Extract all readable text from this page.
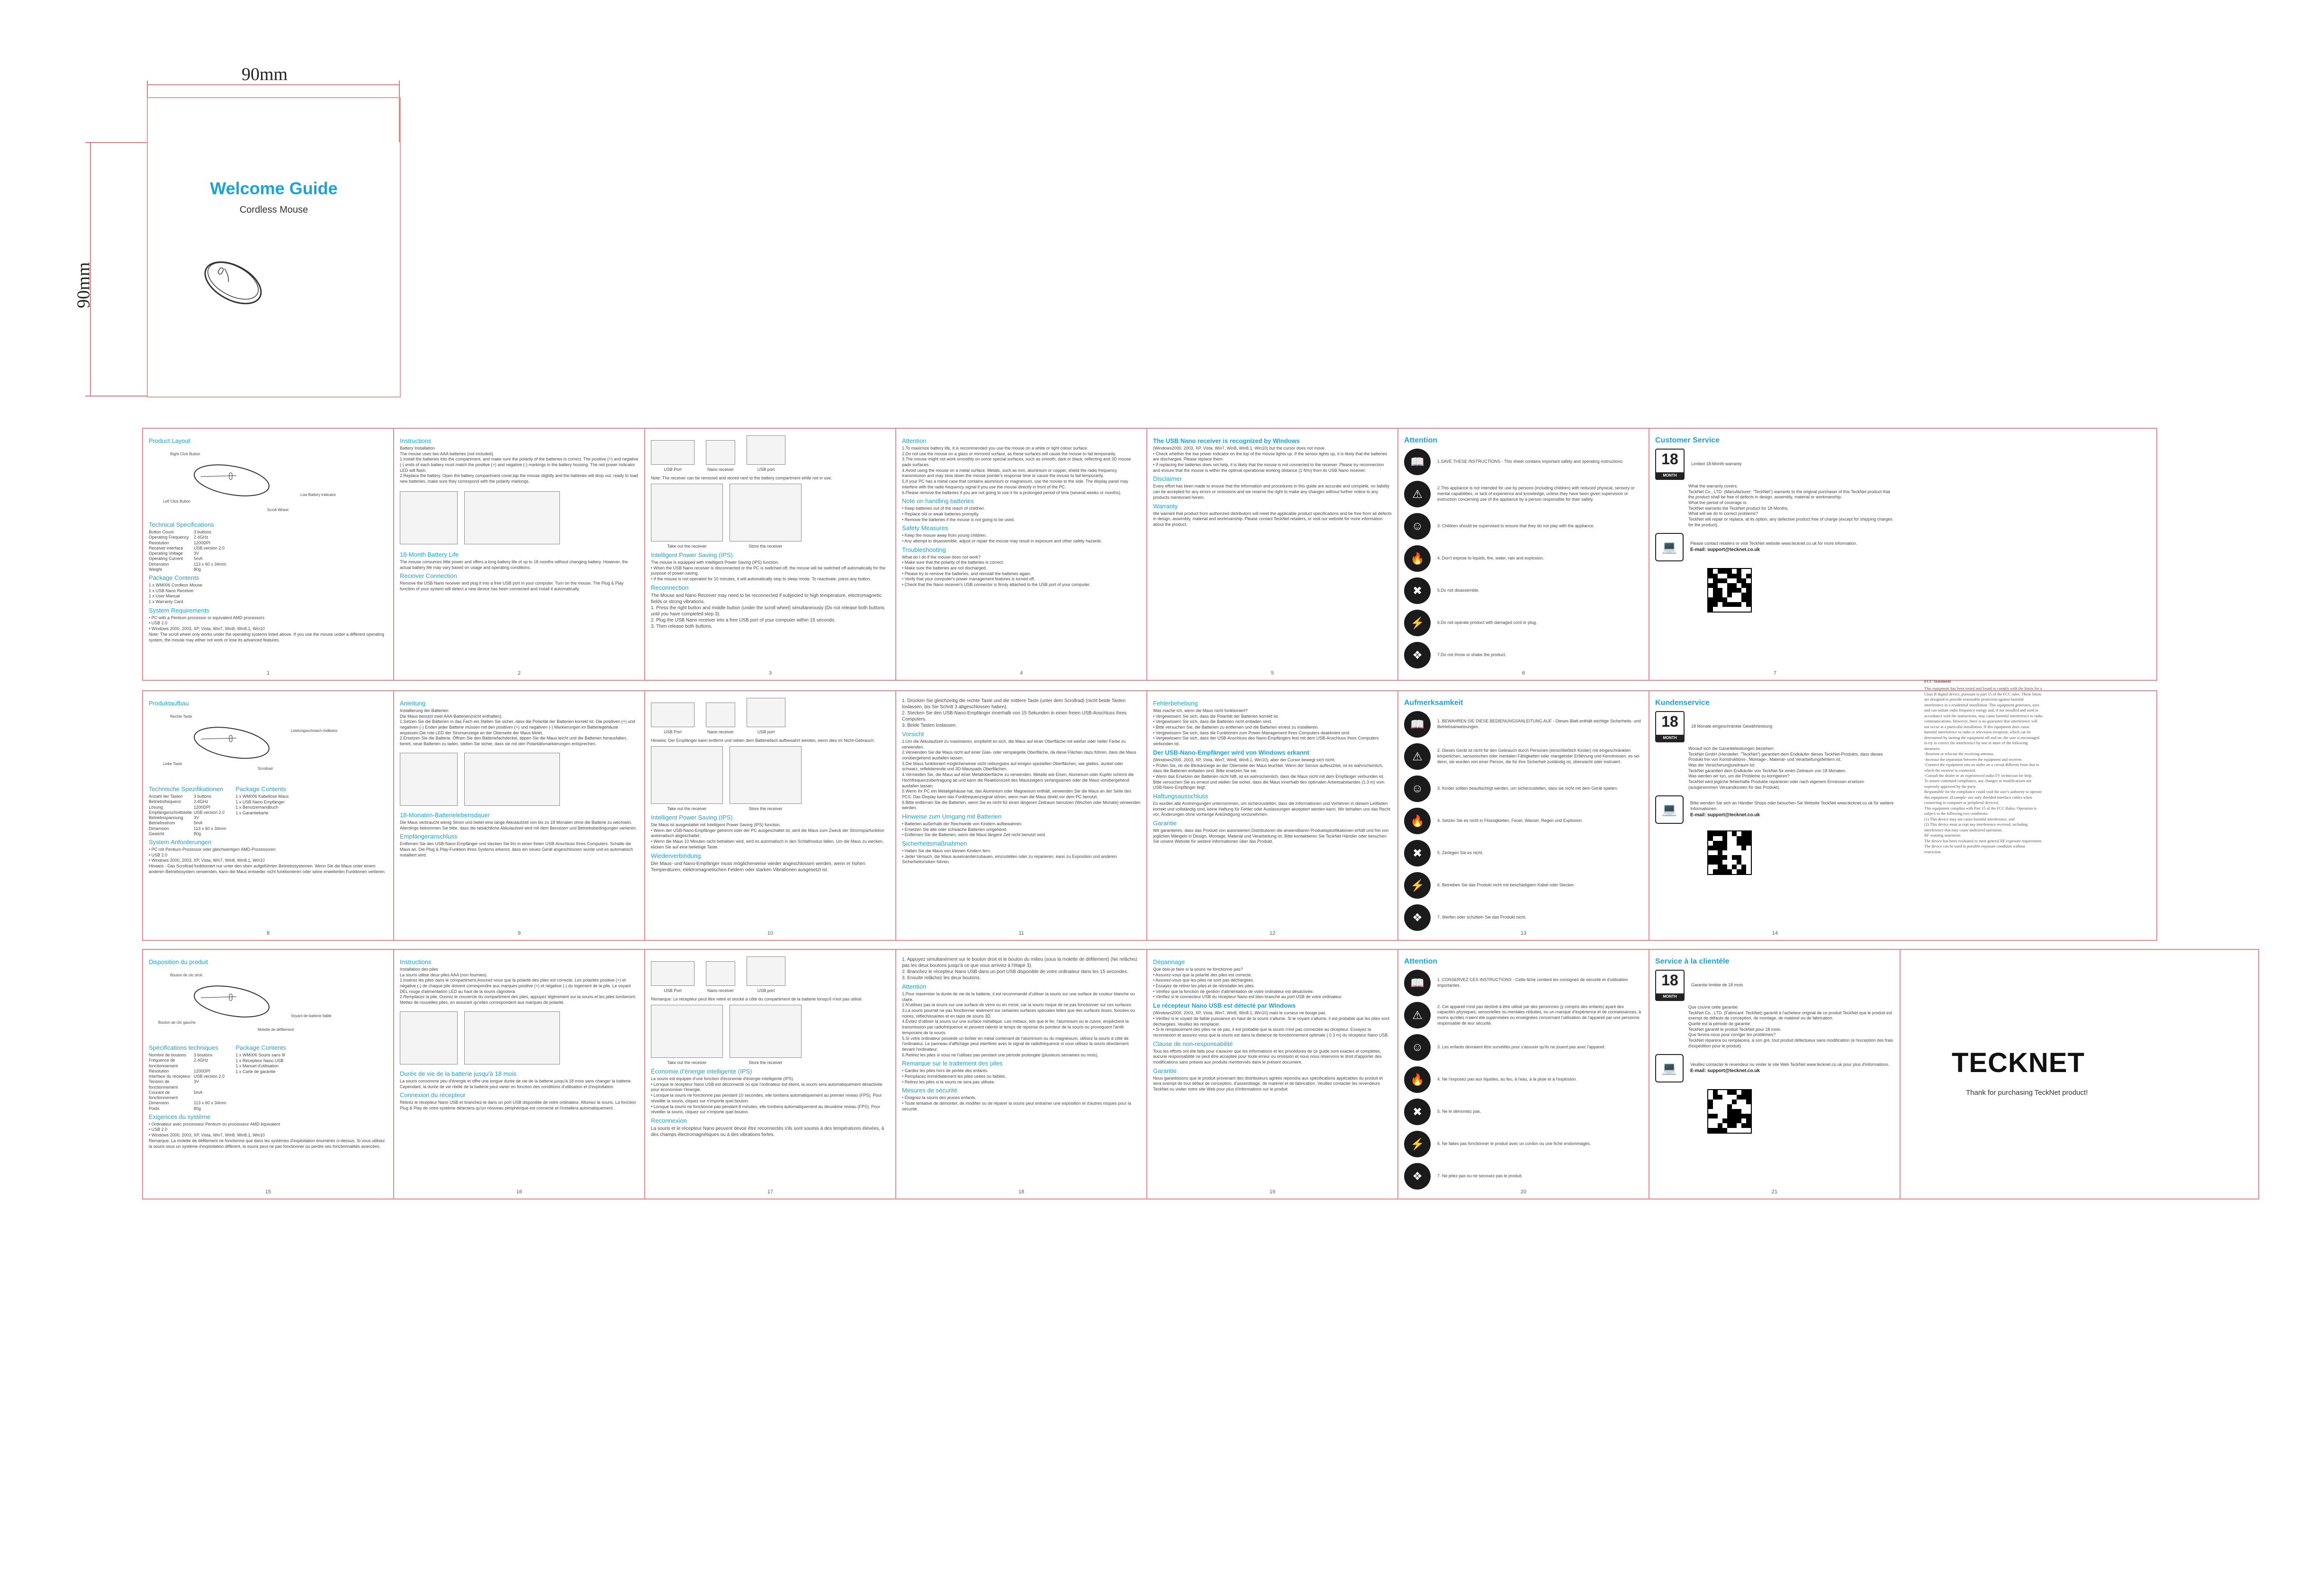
90mm
90mm
Welcome Guide
Cordless Mouse
Product Layout
Right Click Button
Left Click Button
Scroll Wheel
Low Battery Indicator
Technical Specifications
Button Count	3 buttons
Operating Frequency	2.4GHz
Resolution	1200DPI
Receiver interface	USB version 2.0
Operating Voltage	3V
Operating Current	5mA
Dimension	113 x 60 x 34mm
Weight	80g
Package Contents
1 x WM006 Cordless Mouse
1 x USB Nano Receiver
1 x User Manual
1 x Warranty Card
System Requirements
• PC with a Pentium processor or equivalent AMD processors
• USB 2.0
• Windows 2000, 2003, XP, Vista, Win7, Win8, Win8.1, Win10
Note: The scroll wheel only works under the operating systems listed above. If you use the mouse under a different operating system, the mouse may either not work or lose its advanced features.
1
Instructions
Battery Installation
The mouse uses two AAA batteries (not included).
1.Install the batteries into the compartment, and make sure the polarity of the batteries is correct. The positive (+) and negative (-) ends of each battery must match the positive (+) and negative (-) markings in the battery housing. The red power indicator LED will flash.
2.Replace the battery. Open the battery compartment cover,tap the mouse slightly and the batteries will drop out, ready to load new batteries, make sure they correspond with the polarity markings.
18-Month Battery Life
The mouse consumes little power and offers a long battery life of up to 18 months without changing battery. However, the actual battery life may vary based on usage and operating conditions.
Receiver Connection
Remove the USB Nano receiver and plug it into a free USB port in your computer. Turn on the mouse. The Plug & Play function of your system will detect a new device has been connected and install it automatically.
2
USB Port	Nano receiver	USB port
Note: The receiver can be removed and stored next to the battery compartment while not in use.
Take out the receiver	Store the receiver
Intelligent Power Saving (IPS)
The mouse is equipped with Intelligent Power Saving (IPS) function.
• When the USB Nano receiver is disconnected or the PC is switched off, the mouse will be switched off automatically for the purpose of power-saving.
• If the mouse is not operated for 10 minutes, it will automatically stop to sleep mode. To reactivate, press any button.
Reconnection
The Mouse and Nano Receiver may need to be reconnected if subjected to high temperature, electromagnetic fields or strong vibrations.
1. Press the right button and middle button (under the scroll wheel) simultaneously (Do not release both buttons until you have completed step 3).
2. Plug the USB Nano receiver into a free USB port of your computer within 15 seconds.
3. Then release both buttons.
3
Attention
1.To maximize battery life, it is recommended you use the mouse on a white or light colour surface.
2.Do not use the mouse on a glass or mirrored surface, as these surfaces will cause the mouse to fail temporarily.
3.The mouse might not work smoothly on some special surfaces, such as smooth, dark or black, reflecting and 3D mouse pads surfaces.
4.Avoid using the mouse on a metal surface. Metals, such as iron, aluminium or copper, shield the radio frequency transmission and may slow down the mouse pointer's response time or cause the mouse to fail temporarily.
5.If your PC has a metal case that contains aluminium or magnesium, use the mouse to the side. The display panel may interfere with the radio frequency signal if you use the mouse directly in front of the PC.
6.Please remove the batteries if you are not going to use it for a prolonged period of time (several weeks or months).
Note on handling batteries
• Keep batteries out of the reach of children.
• Replace old or weak batteries promptly.
• Remove the batteries if the mouse is not going to be used.
Safety Measures
• Keep the mouse away from young children.
• Any attempt to disassemble, adjust or repair the mouse may result in exposure and other safety hazards.
Troubleshooting
What do I do if the mouse does not work?
• Make sure that the polarity of the batteries is correct.
• Make sure the batteries are not discharged.
• Please try to remove the batteries, and reinstall the batteries again.
• Verify that your computer's power management features is turned off.
• Check that the Nano receiver's USB connector is firmly attached to the USB port of your computer.
4
The USB Nano receiver is recognized by Windows
(Windows2000, 2003, XP, Vista, Win7, Win8, Win8.1, Win10) but the cursor does not move.
• Check whether the low power indicator on the top of the mouse lights up. If the sensor lights up, it is likely that the batteries are discharged. Please replace them.
• If replacing the batteries does not help, it is likely that the mouse is not connected to the receiver. Please try reconnection and ensure that the mouse is within the optimal operational working distance (1 ft/m) from its USB Nano receiver.
Disclaimer
Every effort has been made to ensure that the information and procedures in this guide are accurate and complete, no liability can be accepted for any errors or omissions and we reserve the right to make any changes without further notice to any products mentioned herein.
Warranty
We warrant that product from authorized distributors will meet the applicable product specifications and be free from all defects in design, assembly, material and workmanship. Please contact TeckNet retailers, or visit our website for more information about the product.
5
Attention
📖	1.SAVE THESE INSTRUCTIONS - This sheet contains important safety and operating instructions.
⚠	2.This appliance is not intended for use by persons (including children) with reduced physical, sensory or mental capabilities, or lack of experience and knowledge, unless they have been given supervision or instruction concerning use of the appliance by a person responsible for their safety.
☺	3. Children should be supervised to ensure that they do not play with the appliance.
🔥	4. Don't expose to liquids, fire, water, rain and explosion.
✖	5.Do not disassemble.
⚡	6.Do not operate product with damaged cord or plug.
❖	7.Do not throw or shake the product.
6
Customer Service
18
MONTH
Limited 18-Month warranty
What the warranty covers:
TeckNet Co., LTD. (Manufacturer: "TeckNet") warrants to the original purchaser of this TeckNet product that the product shall be free of defects in design, assembly, material or workmanship.
What the period of coverage is:
TeckNet warrants the TeckNet product for 18 Months.
What will we do to correct problems?
TeckNet will repair or replace, at its option, any defective product free of charge (except for shipping charges for the product).
💻	Please contact retailers or visit TeckNet website www.tecknet.co.uk for more information.
E-mail: support@tecknet.co.uk
7
Produktaufbau
Rechte Taste
Linke Taste
Scrollrad
Leistungsschwach-Indikator
Technische Spezifikationen
Anzahl der Tasten	3 buttons
Betriebsfrequenz	2.4GHz
Lösung	1200DPI
Empfängerschnittstelle USB version 2.0
Betriebsspannung	3V
Betriebsstrom	5mA
Dimension	113 x 60 x 34mm
Gewicht	80g
Package Contents
1 x WM006 Kabellose Maus
1 x USB Nano Empfänger
1 x Benutzerhandbuch
1 x Garantiekarte
System Anforderungen
• PC mit Pentium-Prozessor oder gleichwertigen AMD-Prozessoren
• USB 2.0
• Windows 2000, 2003, XP, Vista, Win7, Win8, Win8.1, Win10
Hinweis - Das Scrollrad funktioniert nur unter den oben aufgeführten Betriebssystemen. Wenn Sie die Maus unter einem anderen Betriebssystem verwenden, kann die Maus entweder nicht funktionieren oder seine erweiterten Funktionen verlieren.
8
Anleitung
Installierung der Batterien
Die Maus benutzt zwei AAA-Batterien(nicht enthalten).
1.Setzen Sie die Batterien in das Fach ein.Stellen Sie sicher, dass die Polarität der Batterien korrekt ist. Die positiven (+) und negativen (-) Enden jeder Batterie müssen mit den positiven (+) und negativen (-) Markierungen im Batteriegehäuse anpassen.Die rote LED der Stromanzeige an der Oberseite der Maus blinkt.
2.Ersetzen Sie die Batterie. Öffnen Sie den Batteriefachdeckel, tippen Sie die Maus leicht und die Batterien herausfallen, bereit, neue Batterien zu laden, stellen Sie sicher, dass sie mit den Polaritätsmarkierungen entsprechen.
18-Monaten-Batterielebensdauer
Die Maus verbraucht wenig Strom und bietet eine lange Akkulaufzeit von bis zu 18 Monaten ohne die Batterie zu wechseln. Allerdings bekommen Sie bitte, dass die tatsächliche Akkulaufzeit wird mit dem Benutzerr und Betriebsbedingungen variieren.
Empfängeranschluss
Entfernen Sie den USB-Nano-Empfänger und stecken Sie ihn in einen freien USB-Anschluss Ihres Computers. Schalte die Maus an. Die Plug & Play-Funktion Ihres Systems erkennt, dass ein neues Gerät angeschlossen wurde und es automatisch installiert wird.
9
USB Port	Nano receiver	USB port
Hinweis: Der Empfänger kann entfernt und neben dem Batteriefach aufbewahrt werden, wenn dies im Nicht-Gebrauch.
Take out the receiver	Store the receiver
Intelligent Power Saving (IPS)
Die Maus ist ausgestattet mit Intelligent Power Saving (IPS) function.
• Wenn der USB-Nano-Empfänger getrennt oder der PC ausgeschaltet ist, wird die Maus zum Zweck der Stromsparfunktion automatisch abgeschaltet.
• Wenn die Maus 10 Minuten nicht betrieben wird, wird es automatisch in den Schlafmodus fallen. Um die Maus zu wecken, klicken Sie auf eine beliebige Taste.
Wiederverbindung
Der Maus- und Nano-Empfänger muss möglicherweise wieder angeschlossen werden, wenn er hohen Temperaturen, elektromagnetischen Feldern oder starken Vibrationen ausgesetzt ist.
10
1. Drücken Sie gleichzeitig die rechte Taste und die mittlere Taste (unter dem Scrollrad) (nicht beide Tasten loslassen, bis Sie Schritt 3 abgeschlossen haben).
2. Stecken Sie den USB-Nano-Empfänger innerhalb von 15 Sekunden in einen freien USB-Anschluss Ihres Computers.
3. Beide Tasten loslassen.
Vorsicht
1.Um die Akkulaufzeit zu maximieren, empfiehlt es sich, die Maus auf einer Oberfläche mit weißer oder heller Farbe zu verwenden.
2.Verwenden Sie die Maus nicht auf einer Glas- oder verspiegelte Oberfläche, da diese Flächen dazu führen, dass die Maus vorübergehend ausfallen lassen.
3.Die Maus funktioniert möglicherweise nicht reibungslos auf einigen speziellen Oberflächen, wie glattes, dunkel oder schwarz, reflektierende und 3D-Mauspads Oberflächen.
4.Vermeiden Sie, die Maus auf einer Metalloberfläche zu verwenden. Metalle wie Eisen, Aluminium oder Kupfer schirmt die Hochfrequenzübertragung ab und kann die Reaktionszeit des Mauszeigers verlangsamen oder die Maus vorübergehend ausfallen lassen.
5.Wenn Ihr PC ein Metallgehäuse hat, das Aluminium oder Magnesium enthält, verwenden Sie die Maus an der Seite des PCS. Das Display kann das Funkfrequenzsignal stören, wenn man die Maus direkt vor dem PC benutzt.
6.Bitte entfernen Sie die Batterien, wenn Sie es nicht für einen längeren Zeitraum benutzen (Wochen oder Monate) verwenden werden.
Hinweise zum Umgang mit Batterien
• Batterien außerhalb der Reichweite von Kindern aufbewahren.
• Ersetzen Sie alte oder schwache Batterien umgehend.
• Entfernen Sie die Batterien, wenn die Maus längere Zeit nicht benutzt wird.
Sicherheitsmaßnahmen
• Halten Sie die Maus von kleinen Kindern fern.
• Jeder Versuch, die Maus auseinanderzubauen, einzustellen oder zu reparieren, kann zu Exposition und anderen Sicherheitsrisiken führen.
11
Fehlerbehebung
Was mache ich, wenn die Maus nicht funktioniert?
• Vergewissern Sie sich, dass die Polarität der Batterien korrekt ist.
• Vergewissern Sie sich, dass die Batterien nicht entladen sind.
• Bitte versuchen Sie, die Batterien zu entfernen und die Batterien erneut zu installieren.
• Vergewissern Sie sich, dass die Funktionen zum Power-Management Ihres Computers deaktiviert sind.
• Vergewissern Sie sich, dass der USB-Anschluss des Nano-Empfängers fest mit dem USB-Anschluss Ihres Computers verbunden ist.
Der USB-Nano-Empfänger wird von Windows erkannt
(Windows2000, 2003, XP, Vista, Win7, Win8, Win8.1, Win10), aber der Cursor bewegt sich nicht.
• Prüfen Sie, ob die Blinkanzeige an der Oberseite der Maus leuchtet. Wenn der Sensor aufleuchtet, ist es wahrscheinlich, dass die Batterien entladen sind. Bitte ersetzen Sie sie.
• Wenn das Ersetzen der Batterien nicht hilft, ist es wahrscheinlich, dass die Maus nicht mit dem Empfänger verbunden ist. Bitte versuchen Sie es erneut und stellen Sie sicher, dass die Maus innerhalb des optimalen Arbeitsabstandes (1.3 m) vom USB-Nano-Empfänger liegt.
Haftungsausschluss
Es wurden alle Anstrengungen unternommen, um sicherzustellen, dass die Informationen und Verfahren in diesem Leitfaden korrekt und vollständig sind, keine Haftung für Fehler oder Auslassungen akzeptiert werden kann. Wir behalten uns das Recht vor, Änderungen ohne vorherige Ankündigung vorzunehmen.
Garantie
Wir garantieren, dass das Produkt von autorisierten Distributoren die anwendbaren Produktspezifikationen erfüllt und frei von jeglichen Mängeln in Design, Montage, Material und Verarbeitung ist. Bitte kontaktieren Sie TeckNet Händler oder besuchen Sie unsere Website für weitere Informationen über das Produkt.
12
Aufmerksamkeit
📖	1. BEWAHREN SIE DIESE BEDIENUNGSANLEITUNG AUF - Dieses Blatt enthält wichtige Sicherheits- und Betriebsanweisungen.
⚠	2. Dieses Gerät ist nicht für den Gebrauch durch Personen (einschließlich Kinder) mit eingeschränkten körperlichen, sensorischen oder mentalen Fähigkeiten oder mangelnder Erfahrung und Kenntnissen, es sei denn, sie wurden von einer Person, die für ihre Sicherheit zuständig ist, überwacht oder instruiert.
☺	3. Kinder sollten beaufsichtigt werden, um sicherzustellen, dass sie nicht mit dem Gerät spielen.
🔥	4. Setzen Sie es nicht in Flüssigkeiten, Feuer, Wasser, Regen und Explosion.
✖	5. Zerlegen Sie es nicht.
⚡	6. Betreiben Sie das Produkt nicht mit beschädigtem Kabel oder Stecker.
❖	7. Werfen oder schütteln Sie das Produkt nicht.
13
Kundenservice
18
MONTH
18 Monate eingeschränkte Gewährleistung
Worauf sich die Garantieleistungen beziehen:
TeckNet GmbH (Hersteller: "TeckNet") garantiert dem Endkäufer dieses TeckNet-Produkts, dass dieses Produkt frei von Konstruktions-, Montage-, Material- und Verarbeitungsfehlern ist.
Was der Versicherungszeitraum ist:
TeckNet garantiert dem Endkäufer von TeckNet für einen Zeitraum von 18 Monaten.
Was werden wir tun, um die Probleme zu korrigieren?
TeckNet wird jegliche fehlerhafte Produkte reparieren oder nach eigenem Ermessen ersetzen (ausgenommen Versandkosten für das Produkt).
💻	Bitte wenden Sie sich an Händler Shops oder besuchen Sie Website TeckNet www.tecknet.co.uk für weitere Informationen.
E-mail: support@tecknet.co.uk
14
Disposition du produit
Bouton de clic droit
Bouton de clic gauche
Molette de défilement
Voyant de batterie faible
Spécifications techniques
Nombre de boutons	3 boutons
Fréquence de fonctionnement
2.4GHz
Résolution	1200DPI
Interface du récepteur USB version 2.0
Tension de fonctionnement
3V
Courant de fonctionnement
5mA
Dimension	113 x 60 x 34mm
Poids	80g
Package Contents
1 x WM006 Souris sans fil
1 x Récepteur Nano USB
1 x Manuel d'utilisation
1 x Carte de garantie
Exigences du système
• Ordinateur avec processeur Pentium ou processeur AMD équivalent
• USB 2.0
• Windows 2000, 2003, XP, Vista, Win7, Win8, Win8.1, Win10
Remarque: La molette de défilement ne fonctionne que dans les systèmes d'exploitation énumérés ci-dessus. Si vous utilisez la souris sous un système d'exploitation différent, la souris peut ne pas fonctionner ou perdre ses fonctionnalités avancées.
15
Instructions
Installation des piles
La souris utilise deux piles AAA (non fournies).
1.Insérez les piles dans le compartiment,Assurez-vous que la polarité des piles est correcte. Les polarités positive (+) et négative (-) de chaque pile doivent correspondre aux marques positive (+) et négative (-) du logement de la pile. Le voyant DEL rouge d'alimentation LED au haut de la souris clignotera.
2.Remplacez la pile. Ouvrez le couvercle du compartiment des piles, appuyez légèrement sur la souris et les piles tomberont. Mettez de nouvelles piles, en assurant qu'elles correspondent aux marques de polarité.
Durée de vie de la batterie jusqu'à 18 mois
La souris consomme peu d'énergie et offre une longue durée de vie de la batterie jusqu'à 18 mois sans changer la batterie. Cependant, la durée de vie réelle de la batterie peut varier en fonction des conditions d'utilisation et d'exploitation.
Connexion du récepteur
Retirez le récepteur Nano USB et branchez-le dans un port USB disponible de votre ordinateur. Allumez la souris. La fonction Plug & Play de votre système détectera qu'un nouveau périphérique est connecté et l'installera automatiquement.
16
USB Port	Nano receiver	USB port
Remarque: Le récepteur peut être retiré et stocké à côté du compartiment de la batterie lorsqu'il n'est pas utilisé.
Take out the receiver	Store the receiver
Économie d'énergie intelligente (IPS)
La souris est équipée d'une fonction d'économie d'énergie intelligente (IPS).
• Lorsque le récepteur Nano USB est déconnecté ou que l'ordinateur est éteint, la souris sera automatiquement désactivée pour économiser l'énergie.
• Lorsque la souris ne fonctionne pas pendant 10 secondes, elle tombera automatiquement au premier niveau (FPS). Pour réveiller la souris, cliquez sur n'importe quel bouton.
• Lorsque la souris ne fonctionne pas pendant 8 minutes, elle tombera automatiquement au deuxième niveau (FPS). Pour réveiller la souris, cliquez sur n'importe quel bouton.
Reconnexion
La souris et le récepteur Nano peuvent devoir être reconnectés s'ils sont soumis à des températures élevées, à des champs électromagnétiques ou à des vibrations fortes.
17
1. Appuyez simultanément sur le bouton droit et le bouton du milieu (sous la molette de défilement) (Ne relâchez pas les deux boutons jusqu'à ce que vous arriviez à l'étape 3).
2. Branchez le récepteur Nano USB dans un port USB disponible de votre ordinateur dans les 15 secondes.
3. Ensuite relâchez les deux boutons.
Attention
1.Pour maximiser la durée de vie de la batterie, il est recommandé d'utiliser la souris sur une surface de couleur blanche ou claire.
2.N'utilisez pas la souris sur une surface de verre ou en miroir, car la souris risque de ne pas fonctionner sur ces surfaces.
3.La souris pourrait ne pas fonctionner aisément sur certaines surfaces spéciales telles que des surfaces lisses, foncées ou noires, réfléchissantes et en tapis de souris 3D.
4.Évitez d'utiliser la souris sur une surface métallique. Les métaux, tels que le fer, l'aluminium ou le cuivre, empêchent la transmission par radiofréquence et peuvent ralentir le temps de réponse du pointeur de la souris ou provoquent l'arrêt temporaire de la souris.
5.Si votre ordinateur possède un boîtier en métal contenant de l'aluminium ou du magnésium, utilisez la souris à côté de l'ordinateur. Le panneau d'affichage peut interférer avec le signal de radiofréquence si vous utilisez la souris directement devant l'ordinateur.
6.Retirez les piles si vous ne l'utilisez pas pendant une période prolongée (plusieurs semaines ou mois).
Remarque sur le traitement des piles
• Gardez les piles hors de portée des enfants.
• Remplacez immédiatement les piles usées ou faibles.
• Retirez les piles si la souris ne sera pas utilisée.
Mesures de sécurité
• Éloignez la souris des jeunes enfants.
• Toute tentative de démonter, de modifier ou de réparer la souris peut entraîner une exposition et d'autres risques pour la sécurité.
18
Dépannage
Que dois-je faire si la souris ne fonctionne pas?
• Assurez-vous que la polarité des piles est correcte.
• Assurez-vous que les piles ne sont pas déchargées.
• Essayez de retirer les piles et de réinstaller les piles.
• Vérifiez que la fonction de gestion d'alimentation de votre ordinateur est désactivée.
• Vérifiez si le connecteur USB du récepteur Nano est bien branché au port USB de votre ordinateur.
Le récepteur Nano USB est détecté par Windows
(Windows2000, 2003, XP, Vista, Win7, Win8, Win8.1, Win10) mais le curseur ne bouge pas.
• Vérifiez si le voyant de faible puissance en haut de la souris s'allume. Si le voyant s'allume, il est probable que les piles sont déchargées. Veuillez les remplacer.
• Si le remplacement des piles ne se pas, il est probable que la souris n'est pas connectée au récepteur. Essayez la reconnexion et assurez-vous que la souris est dans la distance de fonctionnement optimale ( 0.3 m) du récepteur Nano USB.
Clause de non-responsabilité
Tous les efforts ont été faits pour s'assurer que les informations et les procédures de ce guide sont exactes et complètes, aucune responsabilité ne peut être acceptée pour toute erreur ou omission et nous nous réservons le droit d'apporter des modifications sans préavis aux produits mentionnés dans le présent document.
Garantie
Nous garantissons que le produit provenant des distributeurs agréés répondra aux spécifications applicables du produit et sera exempt de tout défaut de conception, d'assemblage, de matériel et de fabrication. Veuillez contacter les revendeurs TeckNet ou visiter notre site Web pour plus d'informations sur le produit.
19
Attention
📖	1. CONSERVEZ CES INSTRUCTIONS - Cette fiche contient les consignes de sécurité et d'utilisation importantes.
⚠
2. Cet appareil n'est pas destiné à être utilisé par des personnes (y compris des enfants) ayant des capacités physiques, sensorielles ou mentales réduites, ou un manque d'expérience et de connaissances, à moins qu'elles n'aient été supervisées ou enseignées concernant l'utilisation de l'appareil par une personne responsable de leur sécurité.
☺	3. Les enfants devraient être surveillés pour s'assurer qu'ils ne jouent pas avec l'appareil.
🔥	4. Ne l'exposez pas aux liquides, au feu, à l'eau, à la pluie et à l'explosion.
✖	5. Ne le démontez pas.
⚡	6. Ne faites pas fonctionner le produit avec un cordon ou une fiche endommagés.
❖	7. Ne jetez pas ou ne secouez pas le produit.
20
Service à la clientèle
18
MONTH
Garantie limitée de 18 mois
Que couvre cette garantie:
TeckNet Co., LTD. (Fabricant: TeckNet) garantit à l'acheteur original de ce produit TeckNet que le produit est exempt de défauts de conception, de montage, de matériel ou de fabrication.
Quelle est la période de garantie:
TeckNet garantit le produit TeckNet pour 18 mois.
Que ferons-nous pour corriger les problèmes?
TeckNet réparera ou remplacera, à son gré, tout produit défectueux sans modification (à l'exception des frais d'expédition pour le produit).
💻	Veuillez contacter le revendeur ou visiter le site Web TeckNet www.tecknet.co.uk pour plus d'informations.
E-mail: support@tecknet.co.uk
21
FCC Statement
This equipment has been tested and found to comply with the limits for a Class B digital device, pursuant to part 15 of the FCC rules. These limits are designed to provide reasonable protection against harmful interference in a residential installation. This equipment generates, uses and can radiate radio frequency energy and, if not installed and used in accordance with the instructions, may cause harmful interference to radio communications. However, there is no guarantee that interference will not occur in a particular installation. If this equipment does cause harmful interference to radio or television reception, which can be determined by turning the equipment off and on, the user is encouraged to try to correct the interference by one or more of the following measures:
-Reorient or relocate the receiving antenna.
-Increase the separation between the equipment and receiver.
-Connect the equipment into an outlet on a circuit different from that to which the receiver is connected.
-Consult the dealer or an experienced radio/TV technician for help.
To assure continued compliance, any changes or modifications not expressly approved by the party.
Responsible for the compliance could void the user's authority to operate this equipment. (Example- use only shielded interface cables when connecting to computer or peripheral devices)
This equipment complies with Part 15 of the FCC Rules. Operation is subject to the following two conditions:
(1) This device may not cause harmful interference, and
(2) This device must accept any interference received, including interference that may cause undesired operation.
RF warning statement:
The device has been evaluated to meet general RF exposure requirement. The device can be used in portable exposure condition without restriction.
TECKNET
Thank for purchasing TeckNet product!
